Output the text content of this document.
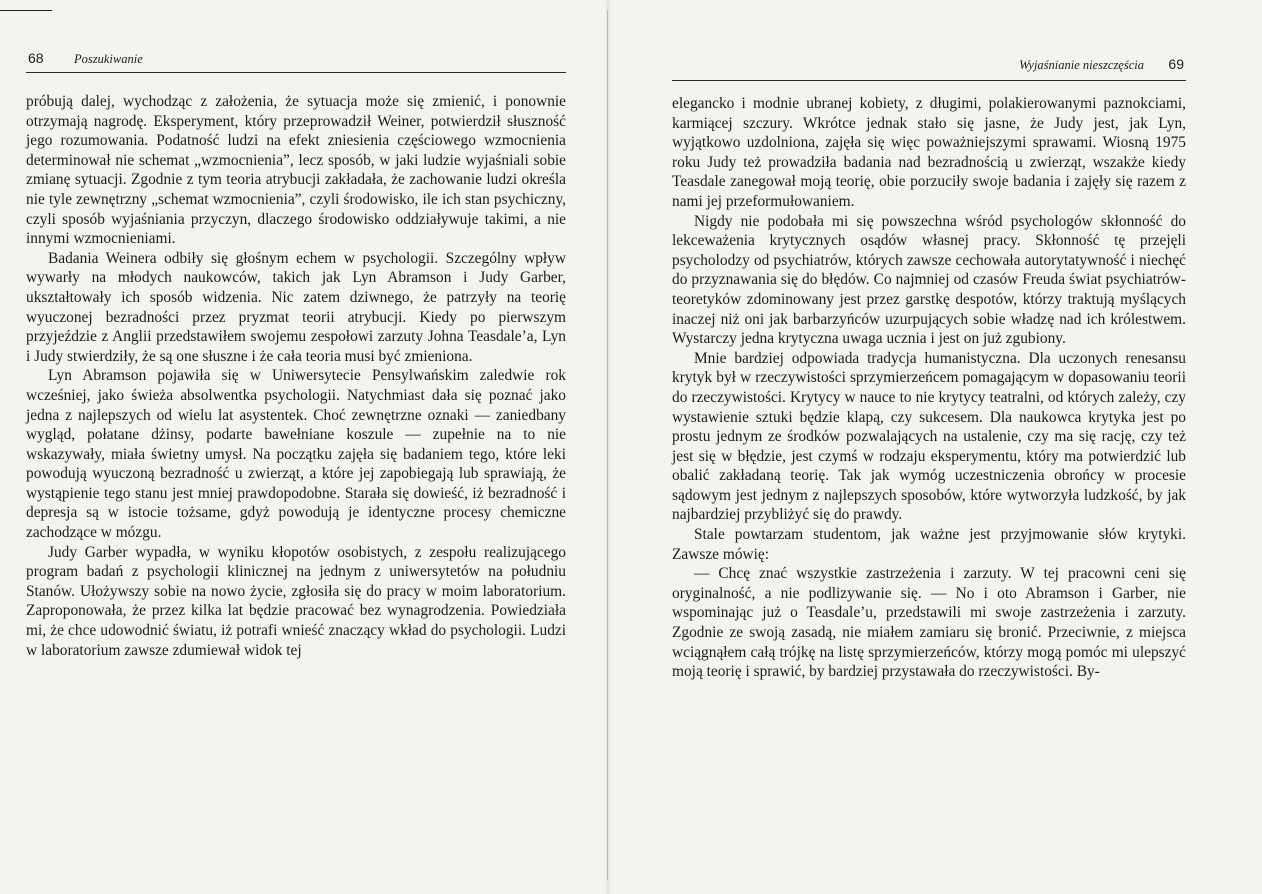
68 Poszukiwanie

próbują dalej, wychodząc z założenia, że sytuacja może się zmienić, i ponownie otrzymają nagrodę. Eksperyment, który przeprowadził Weiner, potwierdził słuszność jego rozumowania. Podatność ludzi na efekt zniesienia częściowego wzmocnienia determinował nie schemat „wzmocnienia”, lecz sposób, w jaki ludzie wyjaśniali sobie zmianę sytuacji. Zgodnie z tym teoria atrybucji zakładała, że zachowanie ludzi określa nie tyle zewnętrzny „schemat wzmocnienia”, czyli środowisko, ile ich stan psychiczny, czyli sposób wyjaśniania przyczyn, dlaczego środowisko oddziaływuje takimi, a nie innymi wzmocnieniami.

Badania Weinera odbiły się głośnym echem w psychologii. Szczególny wpływ wywarły na młodych naukowców, takich jak Lyn Abramson i Judy Garber, ukształtowały ich sposób widzenia. Nic zatem dziwnego, że patrzyły na teorię wyuczonej bezradności przez pryzmat teorii atrybucji. Kiedy po pierwszym przyjeździe z Anglii przedstawiłem swojemu zespołowi zarzuty Johna Teasdale’a, Lyn i Judy stwierdziły, że są one słuszne i że cała teoria musi być zmieniona.

Lyn Abramson pojawiła się w Uniwersytecie Pensylwańskim zaledwie rok wcześniej, jako świeża absolwentka psychologii. Natychmiast dała się poznać jako jedna z najlepszych od wielu lat asystentek. Choć zewnętrzne oznaki — zaniedbany wygląd, połatane dżinsy, podarte bawełniane koszule — zupełnie na to nie wskazywały, miała świetny umysł. Na początku zajęła się badaniem tego, które leki powodują wyuczoną bezradność u zwierząt, a które jej zapobiegają lub sprawiają, że wystąpienie tego stanu jest mniej prawdopodobne. Starała się dowieść, iż bezradność i depresja są w istocie tożsame, gdyż powodują je identyczne procesy chemiczne zachodzące w mózgu.

Judy Garber wypadła, w wyniku kłopotów osobistych, z zespołu realizującego program badań z psychologii klinicznej na jednym z uniwersytetów na południu Stanów. Ułożywszy sobie na nowo życie, zgłosiła się do pracy w moim laboratorium. Zaproponowała, że przez kilka lat będzie pracować bez wynagrodzenia. Powiedziała mi, że chce udowodnić światu, iż potrafi wnieść znaczący wkład do psychologii. Ludzi w laboratorium zawsze zdumiewał widok tej

Wyjaśnianie nieszczęścia 69

elegancko i modnie ubranej kobiety, z długimi, polakierowanymi paznokciami, karmiącej szczury. Wkrótce jednak stało się jasne, że Judy jest, jak Lyn, wyjątkowo uzdolniona, zajęła się więc poważniejszymi sprawami. Wiosną 1975 roku Judy też prowadziła badania nad bezradnością u zwierząt, wszakże kiedy Teasdale zanegował moją teorię, obie porzuciły swoje badania i zajęły się razem z nami jej przeformułowaniem.

Nigdy nie podobała mi się powszechna wśród psychologów skłonność do lekceważenia krytycznych osądów własnej pracy. Skłonność tę przejęli psycholodzy od psychiatrów, których zawsze cechowała autorytatywność i niechęć do przyznawania się do błędów. Co najmniej od czasów Freuda świat psychiatrów-teoretyków zdominowany jest przez garstkę despotów, którzy traktują myślących inaczej niż oni jak barbarzyńców uzurpujących sobie władzę nad ich królestwem. Wystarczy jedna krytyczna uwaga ucznia i jest on już zgubiony.

Mnie bardziej odpowiada tradycja humanistyczna. Dla uczonych renesansu krytyk był w rzeczywistości sprzymierzeńcem pomagającym w dopasowaniu teorii do rzeczywistości. Krytycy w nauce to nie krytycy teatralni, od których zależy, czy wystawienie sztuki będzie klapą, czy sukcesem. Dla naukowca krytyka jest po prostu jednym ze środków pozwalających na ustalenie, czy ma się rację, czy też jest się w błędzie, jest czymś w rodzaju eksperymentu, który ma potwierdzić lub obalić zakładaną teorię. Tak jak wymóg uczestniczenia obrońcy w procesie sądowym jest jednym z najlepszych sposobów, które wytworzyła ludzkość, by jak najbardziej przybliżyć się do prawdy.

Stale powtarzam studentom, jak ważne jest przyjmowanie słów krytyki. Zawsze mówię:

— Chcę znać wszystkie zastrzeżenia i zarzuty. W tej pracowni ceni się oryginalność, a nie podlizywanie się. — No i oto Abramson i Garber, nie wspominając już o Teasdale’u, przedstawili mi swoje zastrzeżenia i zarzuty. Zgodnie ze swoją zasadą, nie miałem zamiaru się bronić. Przeciwnie, z miejsca wciągnąłem całą trójkę na listę sprzymierzeńców, którzy mogą pomóc mi ulepszyć moją teorię i sprawić, by bardziej przystawała do rzeczywistości. By-
